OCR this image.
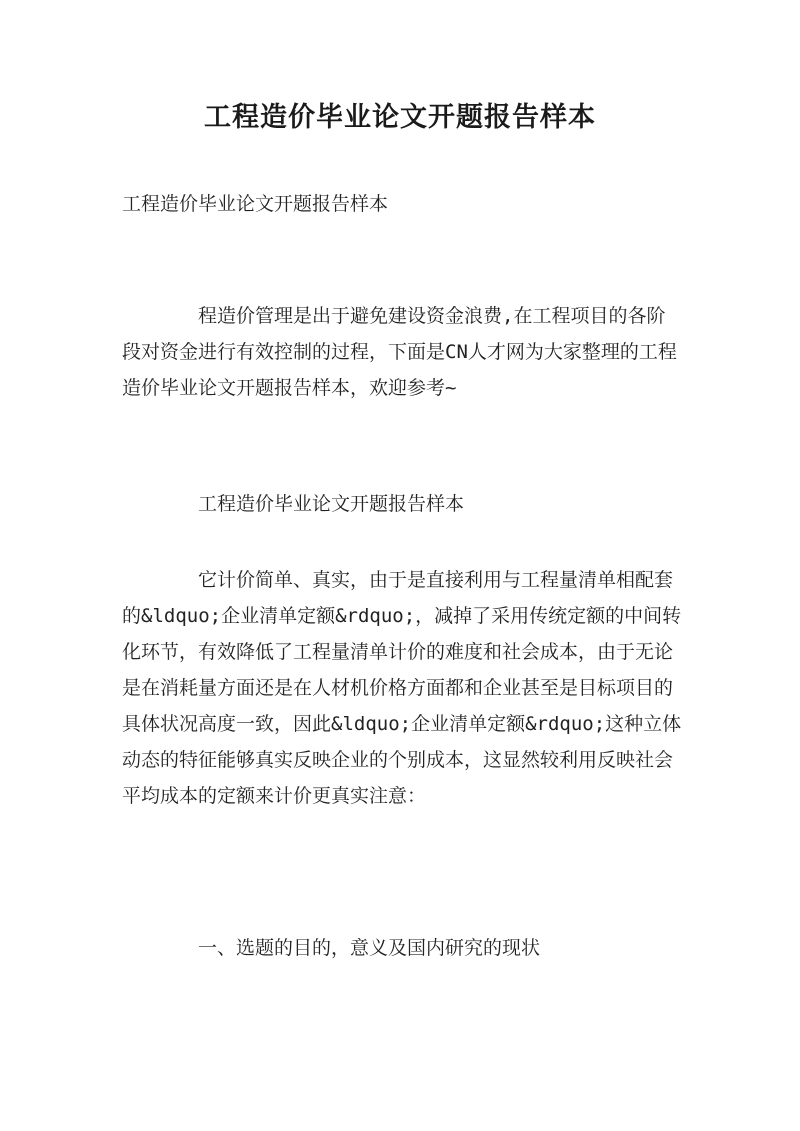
工程造价毕业论文开题报告样本

工程造价毕业论文开题报告样本

程造价管理是出于避免建设资金浪费,在工程项目的各阶段对资金进行有效控制的过程，下面是CN人才网为大家整理的工程造价毕业论文开题报告样本，欢迎参考~

工程造价毕业论文开题报告样本

它计价简单、真实，由于是直接利用与工程量清单相配套的&ldquo;企业清单定额&rdquo;，减掉了采用传统定额的中间转化环节，有效降低了工程量清单计价的难度和社会成本，由于无论是在消耗量方面还是在人材机价格方面都和企业甚至是目标项目的具体状况高度一致，因此&ldquo;企业清单定额&rdquo;这种立体动态的特征能够真实反映企业的个别成本，这显然较利用反映社会平均成本的定额来计价更真实注意：

一、选题的目的，意义及国内研究的现状
